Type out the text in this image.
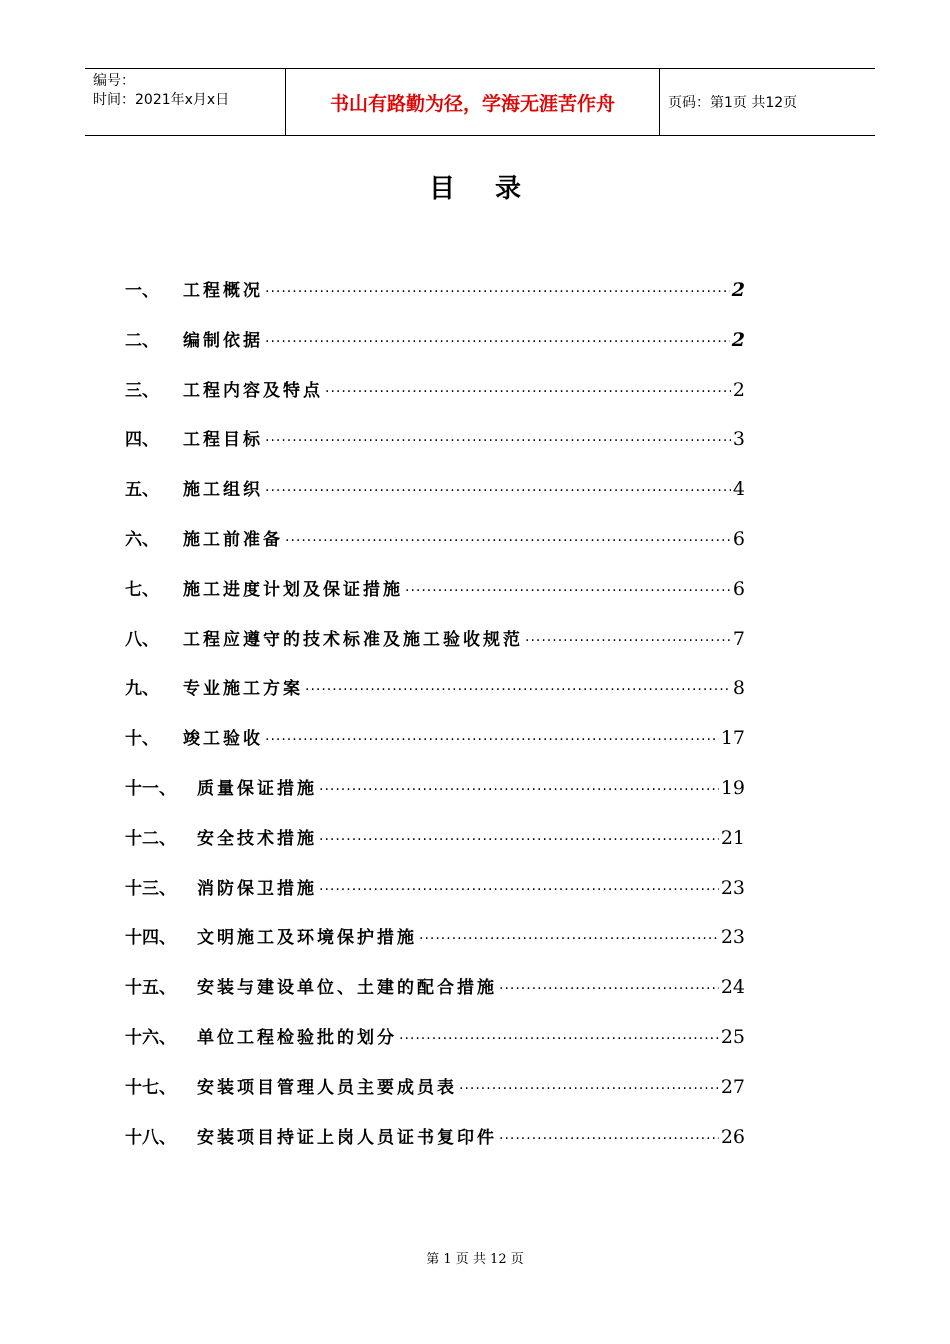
编号：
时间：2021年x月x日	书山有路勤为径，学海无涯苦作舟	页码：第1页 共12页
目录
一、	工程概况 ·····	2
二、	编制依据 ·····	2
三、	工程内容及特点 ·····	2
四、	工程目标 ·····	3
五、	施工组织 ·····	4
六、	施工前准备 ·····	6
七、	施工进度计划及保证措施 ·····	6
八、	工程应遵守的技术标准及施工验收规范 ·····	7
九、	专业施工方案 ·····	8
十、	竣工验收 ·····	17
十一、	质量保证措施 ·····	19
十二、	安全技术措施 ·····	21
十三、	消防保卫措施 ·····	23
十四、	文明施工及环境保护措施 ·····	23
十五、	安装与建设单位、土建的配合措施 ·····	24
十六、	单位工程检验批的划分 ·····	25
十七、	安装项目管理人员主要成员表 ·····	27
十八、	安装项目持证上岗人员证书复印件 ·····	26
第 1 页 共 12 页
